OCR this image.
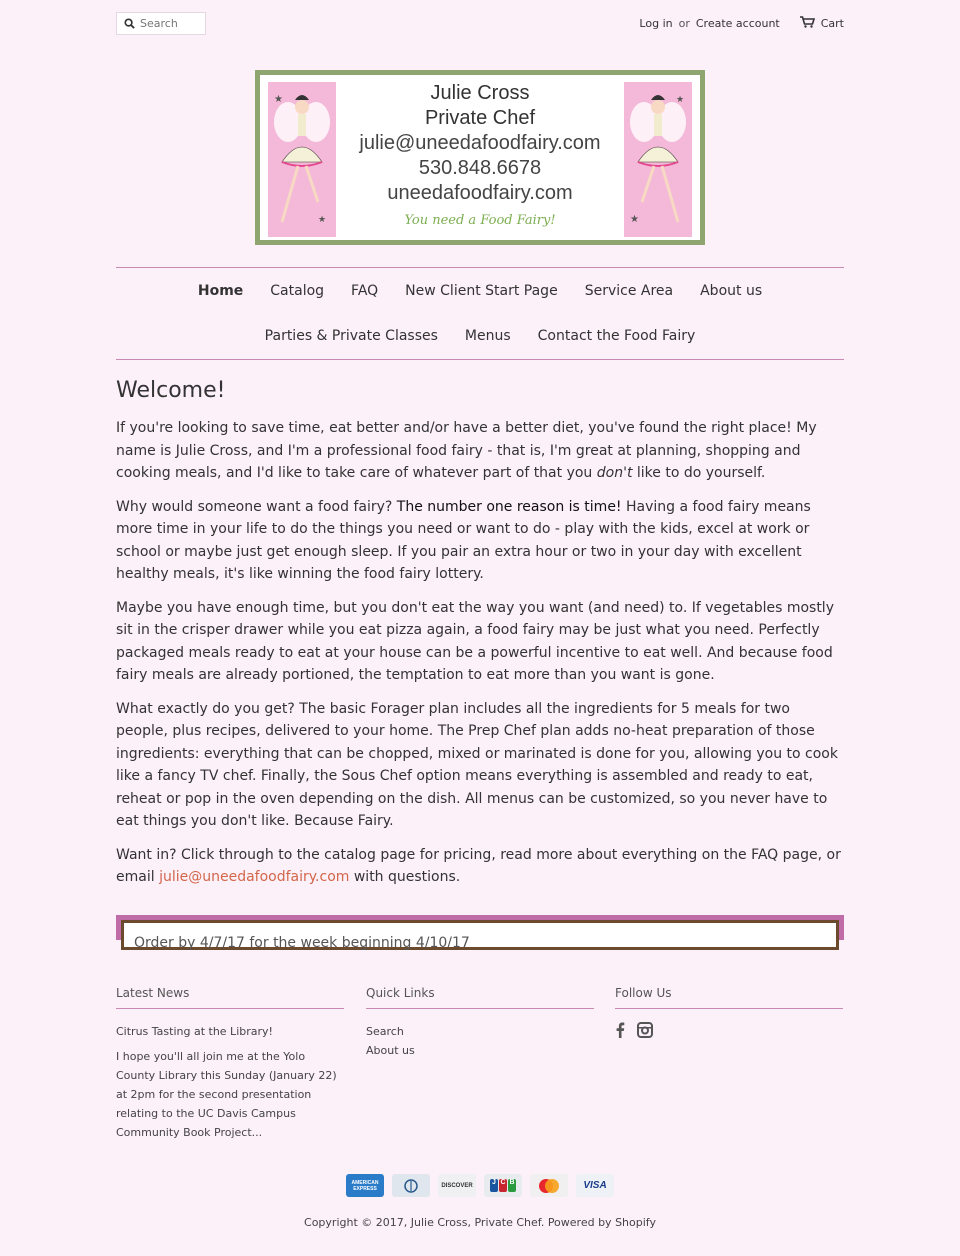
Search
Log in or Create account	Cart
★
★
Julie Cross
Private Chef
julie@uneedafoodfairy.com
530.848.6678
uneedafoodfairy.com
You need a Food Fairy!	★
★
Home Catalog FAQ New Client Start Page Service Area About us
Parties & Private Classes Menus Contact the Food Fairy
Welcome!

If you're looking to save time, eat better and/or have a better diet, you've found the right place! My name is Julie Cross, and I'm a professional food fairy - that is, I'm great at planning, shopping and cooking meals, and I'd like to take care of whatever part of that you don't like to do yourself.

Why would someone want a food fairy? The number one reason is time! Having a food fairy means more time in your life to do the things you need or want to do - play with the kids, excel at work or school or maybe just get enough sleep. If you pair an extra hour or two in your day with excellent healthy meals, it's like winning the food fairy lottery.

Maybe you have enough time, but you don't eat the way you want (and need) to. If vegetables mostly sit in the crisper drawer while you eat pizza again, a food fairy may be just what you need. Perfectly packaged meals ready to eat at your house can be a powerful incentive to eat well. And because food fairy meals are already portioned, the temptation to eat more than you want is gone.

What exactly do you get? The basic Forager plan includes all the ingredients for 5 meals for two people, plus recipes, delivered to your home. The Prep Chef plan adds no-heat preparation of those ingredients: everything that can be chopped, mixed or marinated is done for you, allowing you to cook like a fancy TV chef. Finally, the Sous Chef option means everything is assembled and ready to eat, reheat or pop in the oven depending on the dish. All menus can be customized, so you never have to eat things you don't like. Because Fairy.

Want in? Click through to the catalog page for pricing, read more about everything on the FAQ page, or email julie@uneedafoodfairy.com with questions.

Order by 4/7/17 for the week beginning 4/10/17
Latest News
Citrus Tasting at the Library!
I hope you'll all join me at the Yolo County Library this Sunday (January 22) at 2pm for the second presentation relating to the UC Davis Campus Community Book Project...
Quick Links
Search
About us
Follow Us
AMERICAN EXPRESS	DISCOVER	J C B	VISA
Copyright © 2017, Julie Cross, Private Chef. Powered by Shopify
